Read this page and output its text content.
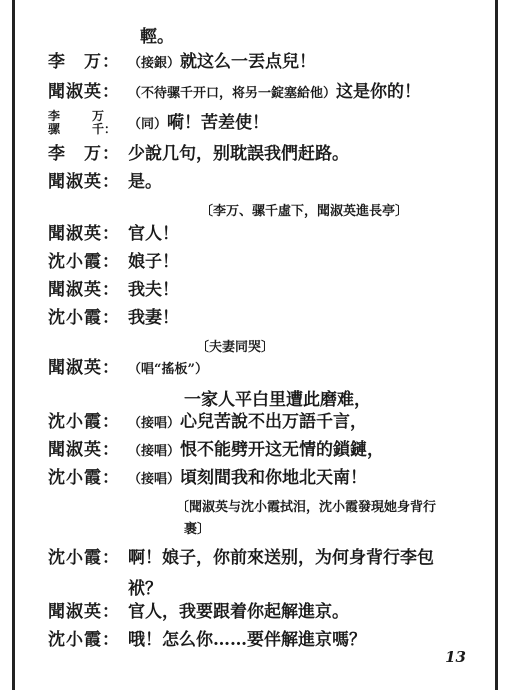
輕。
李　万： （接銀）就这么一丟点兒！
聞淑英： （不待骡千开口，将另一錠塞給他）这是你的！
李	万
骡	千： （同）嗬！苦差使！
李　万： 少說几句，别耽誤我們赶路。
聞淑英： 是。
〔李万、骡千虛下，聞淑英進長亭〕
聞淑英： 官人！
沈小霞： 娘子！
聞淑英： 我夫！
沈小霞： 我妻！
〔夫妻同哭〕
聞淑英： （唱“搖板”）
一家人平白里遭此磨难，
沈小霞： （接唱）心兒苦說不出万語千言，
聞淑英： （接唱）恨不能劈开这无情的鎖鏈，
沈小霞： （接唱）頃刻間我和你地北天南！
〔聞淑英与沈小霞拭泪，沈小霞發現她身背行
裹〕
沈小霞： 啊！娘子，你前來送别，为何身背行李包
袱？
聞淑英： 官人，我要跟着你起解進京。
沈小霞： 哦！怎么你……要伴解進京嗎？
13
